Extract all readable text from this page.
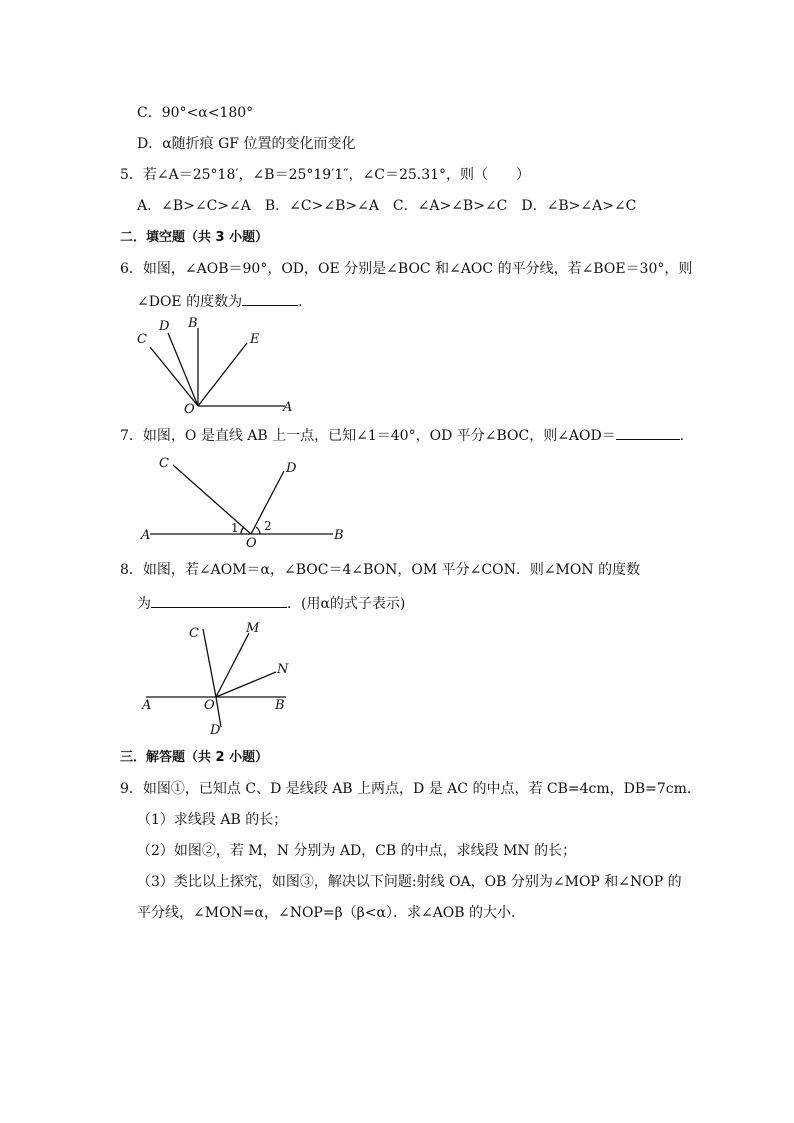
C．90°<α<180°
D．α随折痕 GF 位置的变化而变化
5．若∠A＝25°18′，∠B＝25°19′1″，∠C＝25.31°，则（　　）
A．∠B>∠C>∠A　B．∠C>∠B>∠A　C．∠A>∠B>∠C　D．∠B>∠A>∠C
二．填空题（共 3 小题）
6．如图，∠AOB＝90°，OD，OE 分别是∠BOC 和∠AOC 的平分线，若∠BOE＝30°，则
∠DOE 的度数为	．
C
D B
E
O	A
7．如图，O 是直线 AB 上一点，已知∠1＝40°，OD 平分∠BOC，则∠AOD＝	．
C	D
A
O
B
1 2
8．如图，若∠AOM＝α，∠BOC＝4∠BON，OM 平分∠CON．则∠MON 的度数
为	．(用α的式子表示)
C	M
N
A	O	B
D
三．解答题（共 2 小题）
9．如图①，已知点 C、D 是线段 AB 上两点，D 是 AC 的中点，若 CB=4cm，DB=7cm．
（1）求线段 AB 的长；
（2）如图②，若 M，N 分别为 AD，CB 的中点，求线段 MN 的长；
（3）类比以上探究，如图③，解决以下问题:射线 OA，OB 分别为∠MOP 和∠NOP 的
平分线，∠MON=α，∠NOP=β（β<α）．求∠AOB 的大小．
